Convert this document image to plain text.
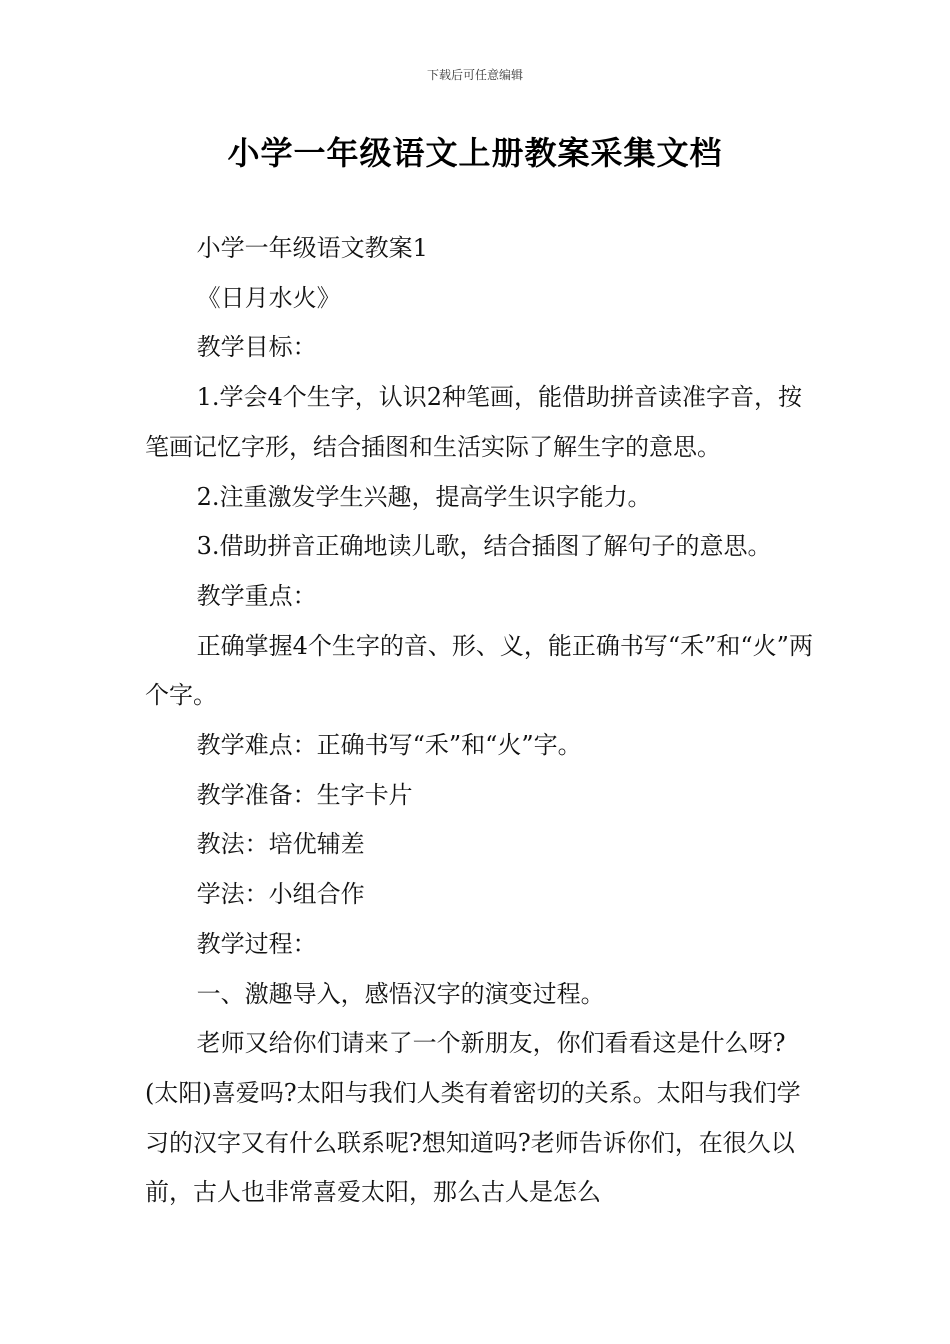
下载后可任意编辑
小学一年级语文上册教案采集文档

小学一年级语文教案1

《日月水火》

教学目标：

1.学会4个生字，认识2种笔画，能借助拼音读准字音，按笔画记忆字形，结合插图和生活实际了解生字的意思。

2.注重激发学生兴趣，提高学生识字能力。

3.借助拼音正确地读儿歌，结合插图了解句子的意思。

教学重点：

正确掌握4个生字的音、形、义，能正确书写“禾”和“火”两个字。

教学难点：正确书写“禾”和“火”字。

教学准备：生字卡片

教法：培优辅差

学法：小组合作

教学过程：

一、激趣导入，感悟汉字的演变过程。

老师又给你们请来了一个新朋友，你们看看这是什么呀?(太阳)喜爱吗?太阳与我们人类有着密切的关系。太阳与我们学习的汉字又有什么联系呢?想知道吗?老师告诉你们，在很久以前，古人也非常喜爱太阳，那么古人是怎么
